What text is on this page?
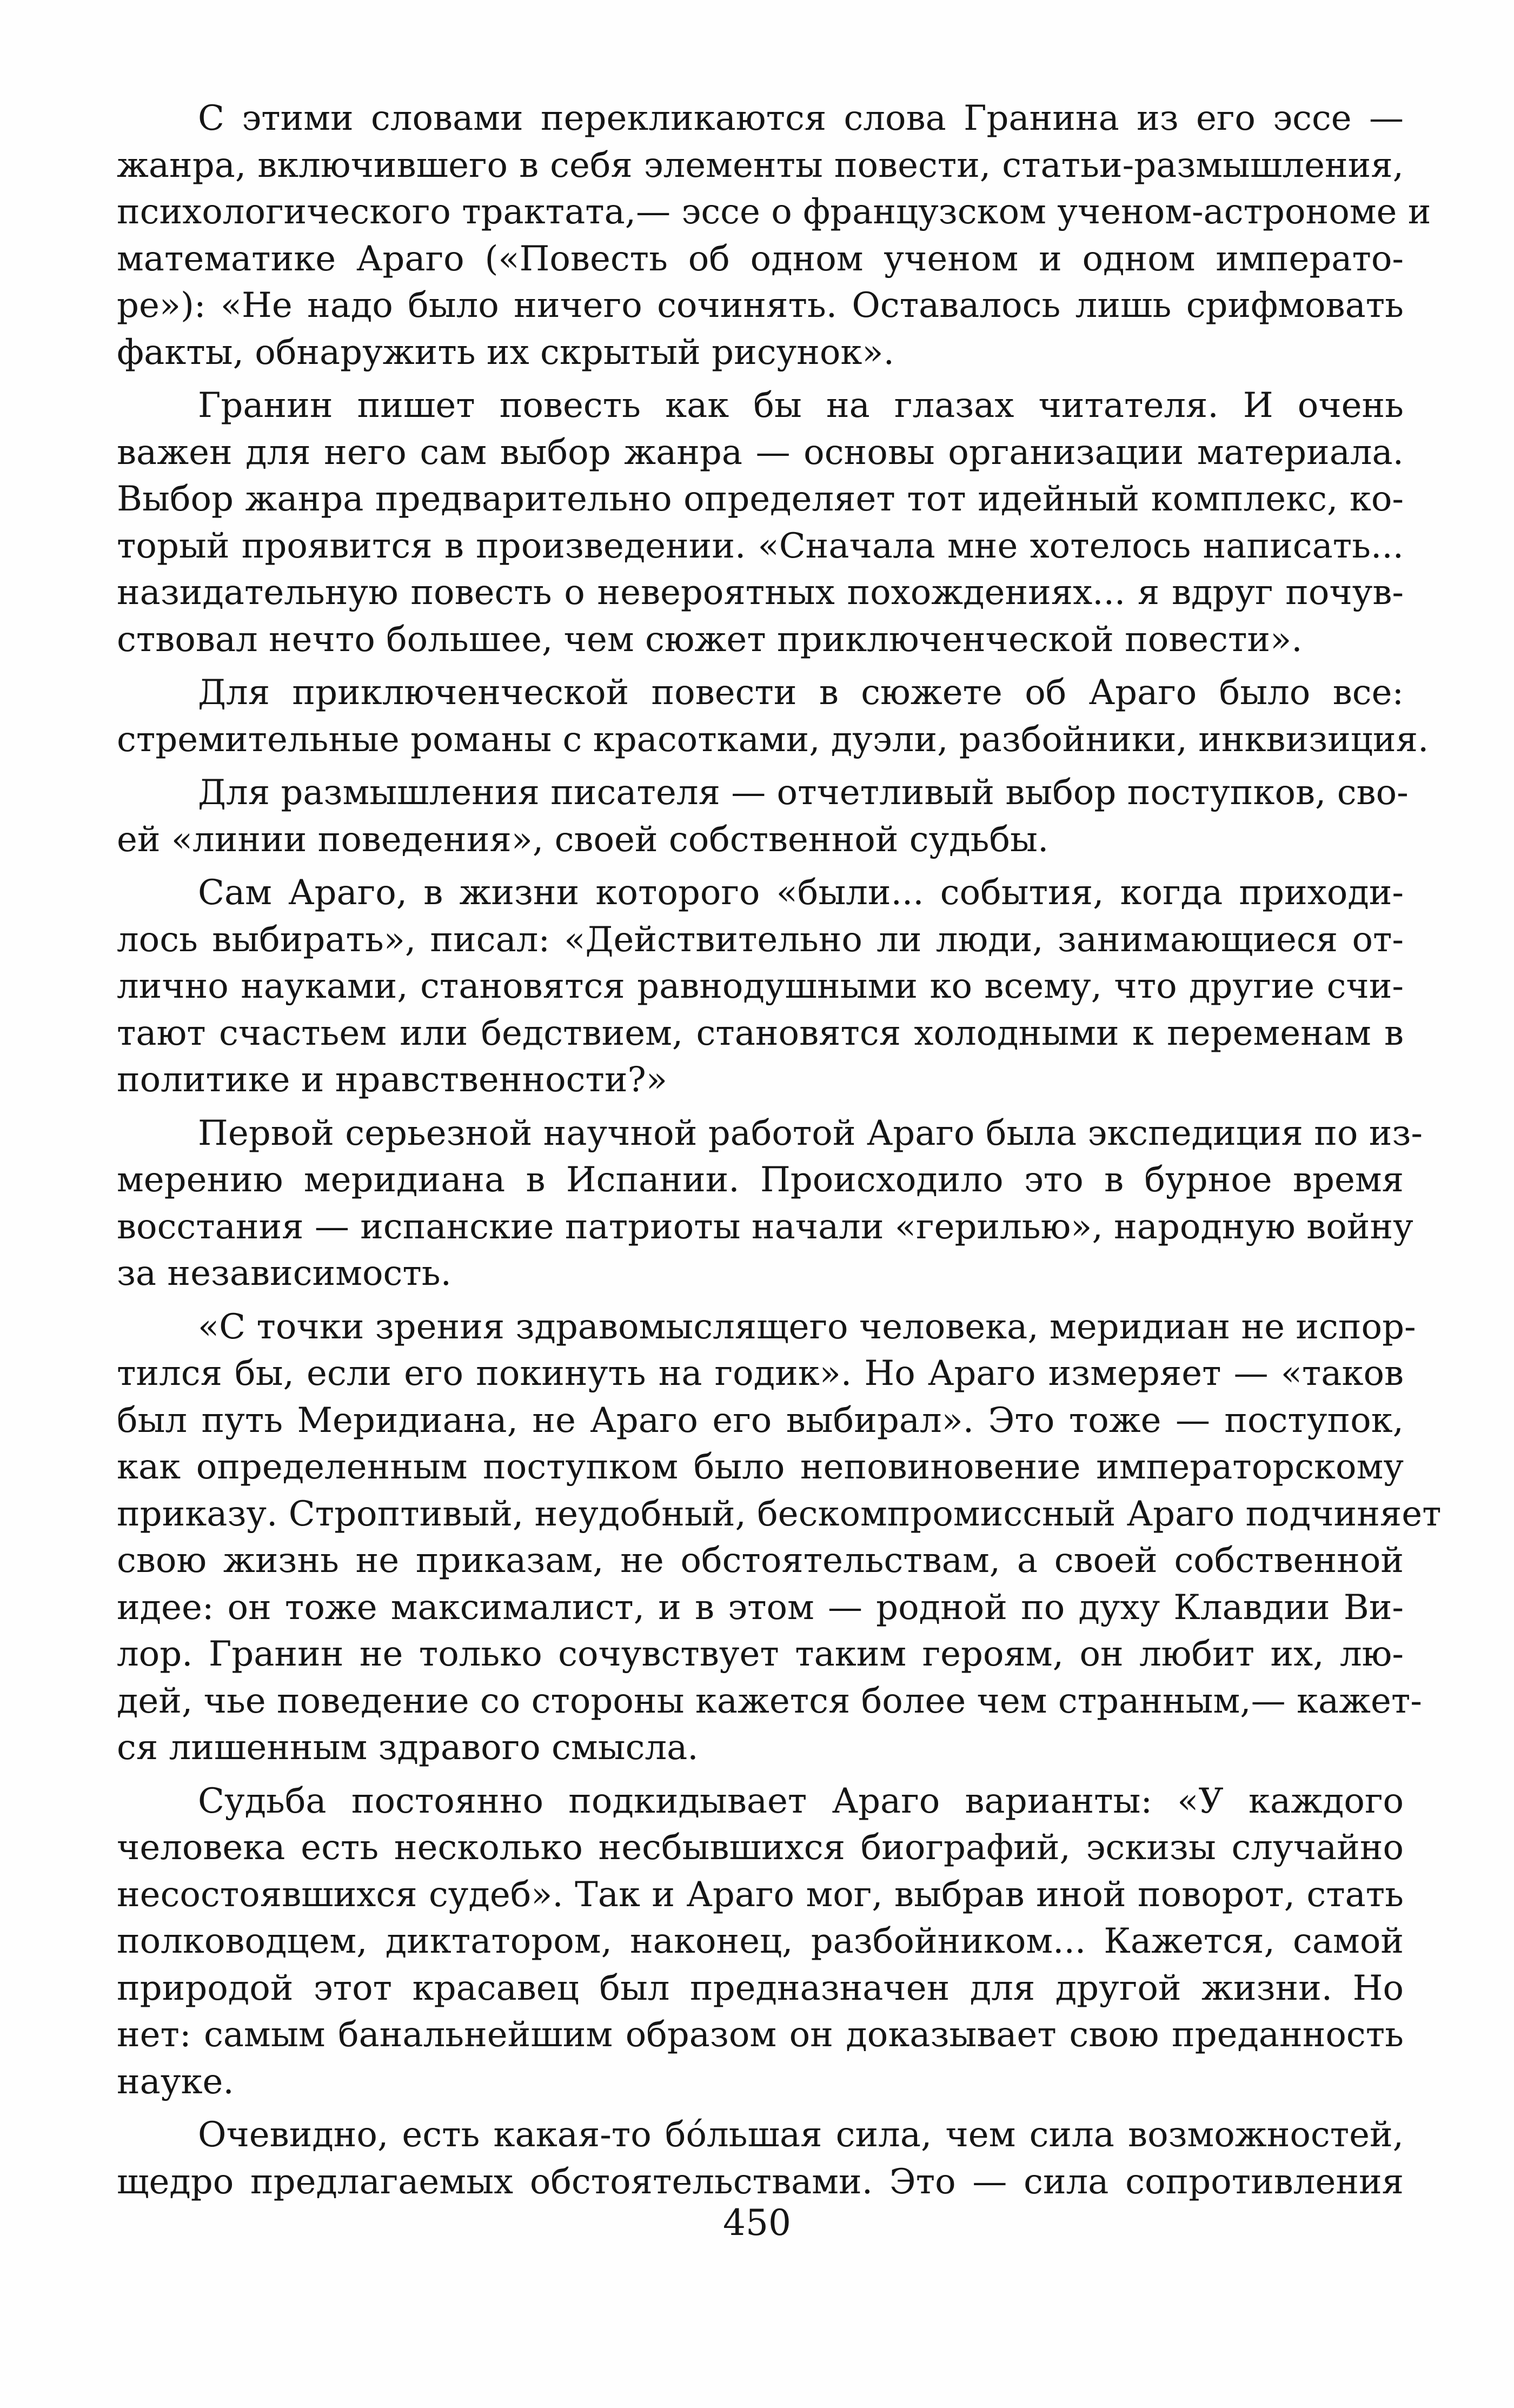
С этими словами перекликаются слова Гранина из его эссе —
жанра, включившего в себя элементы повести, статьи-размышления,
психологического трактата,— эссе о французском ученом-астрономе и
математике Араго («Повесть об одном ученом и одном императо-
ре»): «Не надо было ничего сочинять. Оставалось лишь срифмовать
факты, обнаружить их скрытый рисунок».

Гранин пишет повесть как бы на глазах читателя. И очень
важен для него сам выбор жанра — основы организации материала.
Выбор жанра предварительно определяет тот идейный комплекс, ко-
торый проявится в произведении. «Сначала мне хотелось написать...
назидательную повесть о невероятных похождениях... я вдруг почув-
ствовал нечто большее, чем сюжет приключенческой повести».

Для приключенческой повести в сюжете об Араго было все:
стремительные романы с красотками, дуэли, разбойники, инквизиция.

Для размышления писателя — отчетливый выбор поступков, сво-
ей «линии поведения», своей собственной судьбы.

Сам Араго, в жизни которого «были... события, когда приходи-
лось выбирать», писал: «Действительно ли люди, занимающиеся от-
лично науками, становятся равнодушными ко всему, что другие счи-
тают счастьем или бедствием, становятся холодными к переменам в
политике и нравственности?»

Первой серьезной научной работой Араго была экспедиция по из-
мерению меридиана в Испании. Происходило это в бурное время
восстания — испанские патриоты начали «герилью», народную войну
за независимость.

«С точки зрения здравомыслящего человека, меридиан не испор-
тился бы, если его покинуть на годик». Но Араго измеряет — «таков
был путь Меридиана, не Араго его выбирал». Это тоже — поступок,
как определенным поступком было неповиновение императорскому
приказу. Строптивый, неудобный, бескомпромиссный Араго подчиняет
свою жизнь не приказам, не обстоятельствам, а своей собственной
идее: он тоже максималист, и в этом — родной по духу Клавдии Ви-
лор. Гранин не только сочувствует таким героям, он любит их, лю-
дей, чье поведение со стороны кажется более чем странным,— кажет-
ся лишенным здравого смысла.

Судьба постоянно подкидывает Араго варианты: «У каждого
человека есть несколько несбывшихся биографий, эскизы случайно
несостоявшихся судеб». Так и Араго мог, выбрав иной поворот, стать
полководцем, диктатором, наконец, разбойником... Кажется, самой
природой этот красавец был предназначен для другой жизни. Но
нет: самым банальнейшим образом он доказывает свою преданность
науке.

Очевидно, есть какая-то бо́льшая сила, чем сила возможностей,
щедро предлагаемых обстоятельствами. Это — сила сопротивления

450
